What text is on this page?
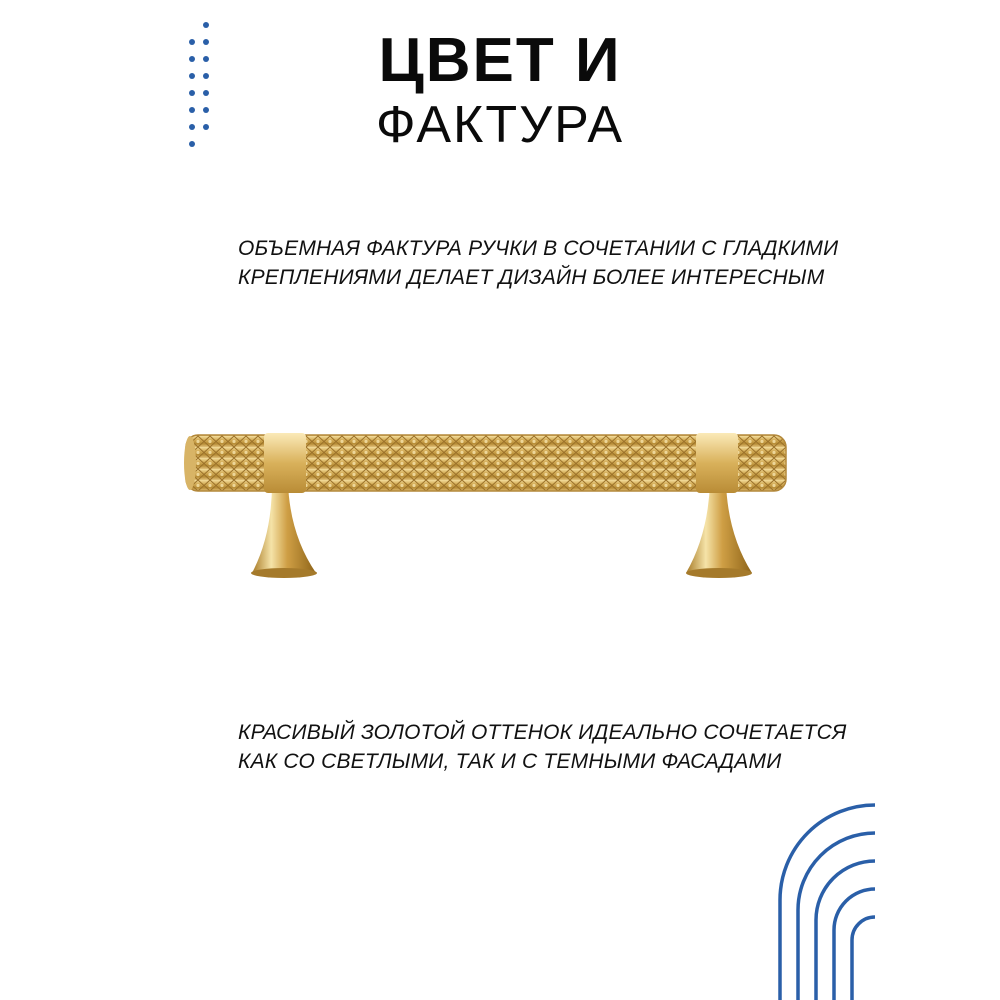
ЦВЕТ И
ФАКТУРА
ОБЪЕМНАЯ ФАКТУРА РУЧКИ В СОЧЕТАНИИ С ГЛАДКИМИ
КРЕПЛЕНИЯМИ ДЕЛАЕТ ДИЗАЙН БОЛЕЕ ИНТЕРЕСНЫМ
КРАСИВЫЙ ЗОЛОТОЙ ОТТЕНОК ИДЕАЛЬНО СОЧЕТАЕТСЯ
КАК СО СВЕТЛЫМИ, ТАК И С ТЕМНЫМИ ФАСАДАМИ
